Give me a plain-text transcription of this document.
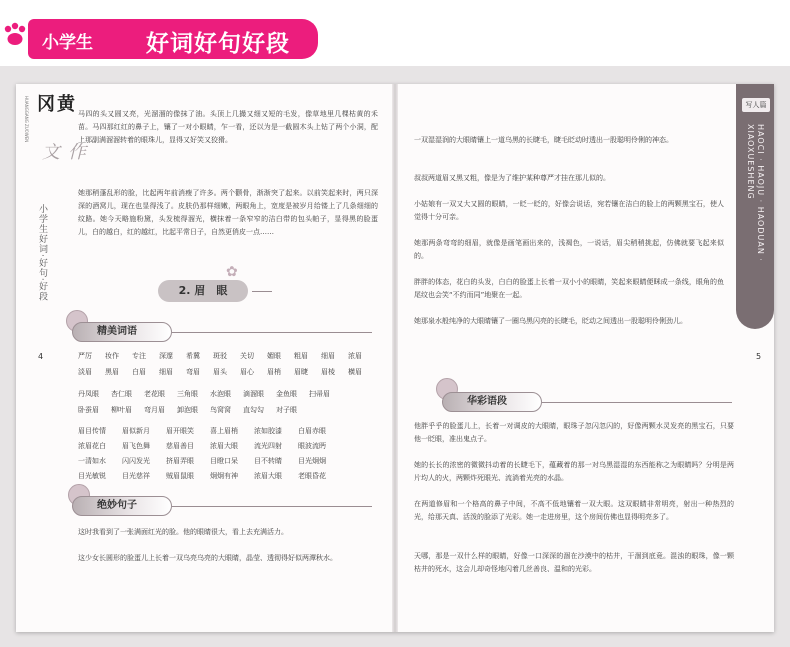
小学生 好词好句好段
HUANGGANG ZUOWEN	黄冈
作文
小学生好词·好句·好段
4
马四的头又圆又亮，光溜溜的像抹了油。头顶上几撮又细又短的毛发，像草地里几棵枯黄的禾苗。马四那红红的鼻子上，镶了一对小眼睛，乍一看，还以为是一截圆木头上钻了两个小洞，配上那副满溜溜转着的眼珠儿，显得又好笑又狡猾。
她那稍蓬乱形的脸，比起两年前消瘦了许多。两个颧骨，渐渐突了起来。以前笑起来时，两只深深的酒窝儿，现在也显得浅了。皮肤仍那样细嫩，两眼角上，宽度是被岁月给镂上了几条细细的纹路。她今天略施粉黛，头发梳得溜光，横抹着一条窄窄的洁白带的包头帕子，显得黑的脸蛋儿，白的越白，红的越红，比起平常日子，自然更俏皮一点……
✿
2. 眉　眼
精美词语
严厉	妆作	专注	深邃	希冀	斑驳	关切	媚眼	粗眉	细眉	浓眉
淡眉	黑眉	白眉	细眉	弯眉	眉头	眉心	眉梢	眉睫	眉棱	横眉
丹凤眼	杏仁眼	老花眼	三角眼	水泡眼	滴溜眼	金鱼眼	扫帚眉
卧蚕眉	柳叶眉	弯月眉	卸泡眼	鸟窝窝	直勾勾	对子眼
眉目传情	眉似新月	眉开眼笑	喜上眉梢	浓如胶漆	白眉赤眼
浓眉花白	眉飞色舞	慈眉善目	浓眉大眼	流光四射	眼波流眄
一清如水	闪闪发光	挤眉弄眼	目瞪口呆	目不转睛	目光炯炯
目光敏锐	目光慈祥	贼眉鼠眼	炯炯有神	浓眉大眼	老眼昏花
绝妙句子
这时我看到了一张满面红光的脸。他的眼睛很大，看上去充满活力。
这少女长圆形的脸蛋儿上长着一双乌亮乌亮的大眼睛，晶莹、透彻得好似两潭秋水。
写人篇
HAOCI · HAOJU · HAODUAN · XIAOXUESHENG
5
一双湿湿润的大眼睛镶上一道乌黑的长睫毛，睫毛眨动时透出一股聪明伶俐的神态。
叔叔两道眉又黑又粗，像是为了维护某种尊严才挂在那儿似的。
小姑娘有一双又大又圆的眼睛，一眨一眨的，好像会说话，宛若镶在洁白的脸上的两颗黑宝石，使人觉得十分可亲。
她那两条弯弯的细眉，就像是画笔画出来的，浅褐色，一说话，眉尖稍稍挑起，仿佛就要飞起来似的。
胖胖的体态，花白的头发，白白的脸蛋上长着一双小小的眼睛，笑起来眼睛便眯成一条线，眼角的鱼尾纹也会笑“不约而同”地聚在一起。
她那泉水般纯净的大眼睛镶了一圈乌黑闪亮的长睫毛，眨动之间透出一股聪明伶俐劲儿。
华彩语段
他胖乎乎的脸蛋儿上，长着一对调皮的大眼睛，眼珠子忽闪忽闪的，好像两颗水灵发亮的黑宝石，只要他一眨眼，准出鬼点子。
她的长长的浓密的微微抖动着的长睫毛下，蕴藏着的那一对乌黑湿湿的东西能称之为眼睛吗？分明是两片均人的火，两颗炸死眼光、流淌着光亮的水晶。
在两道修眉和一个格高的鼻子中间，不高不低地镶着一双大眼。这双眼睛非常明亮，射出一种热烈的光，给那天真、活泼的脸添了光彩。她一走进房里，这个房间仿佛也显得明亮多了。
天哪，那是一双什么样的眼睛，好像一口深深的涸在沙漠中的枯井，干涸到底竟。混浊的眼珠，像一颗枯井的死水，这会儿却奇怪地闪着几丝善良、温和的光彩。
